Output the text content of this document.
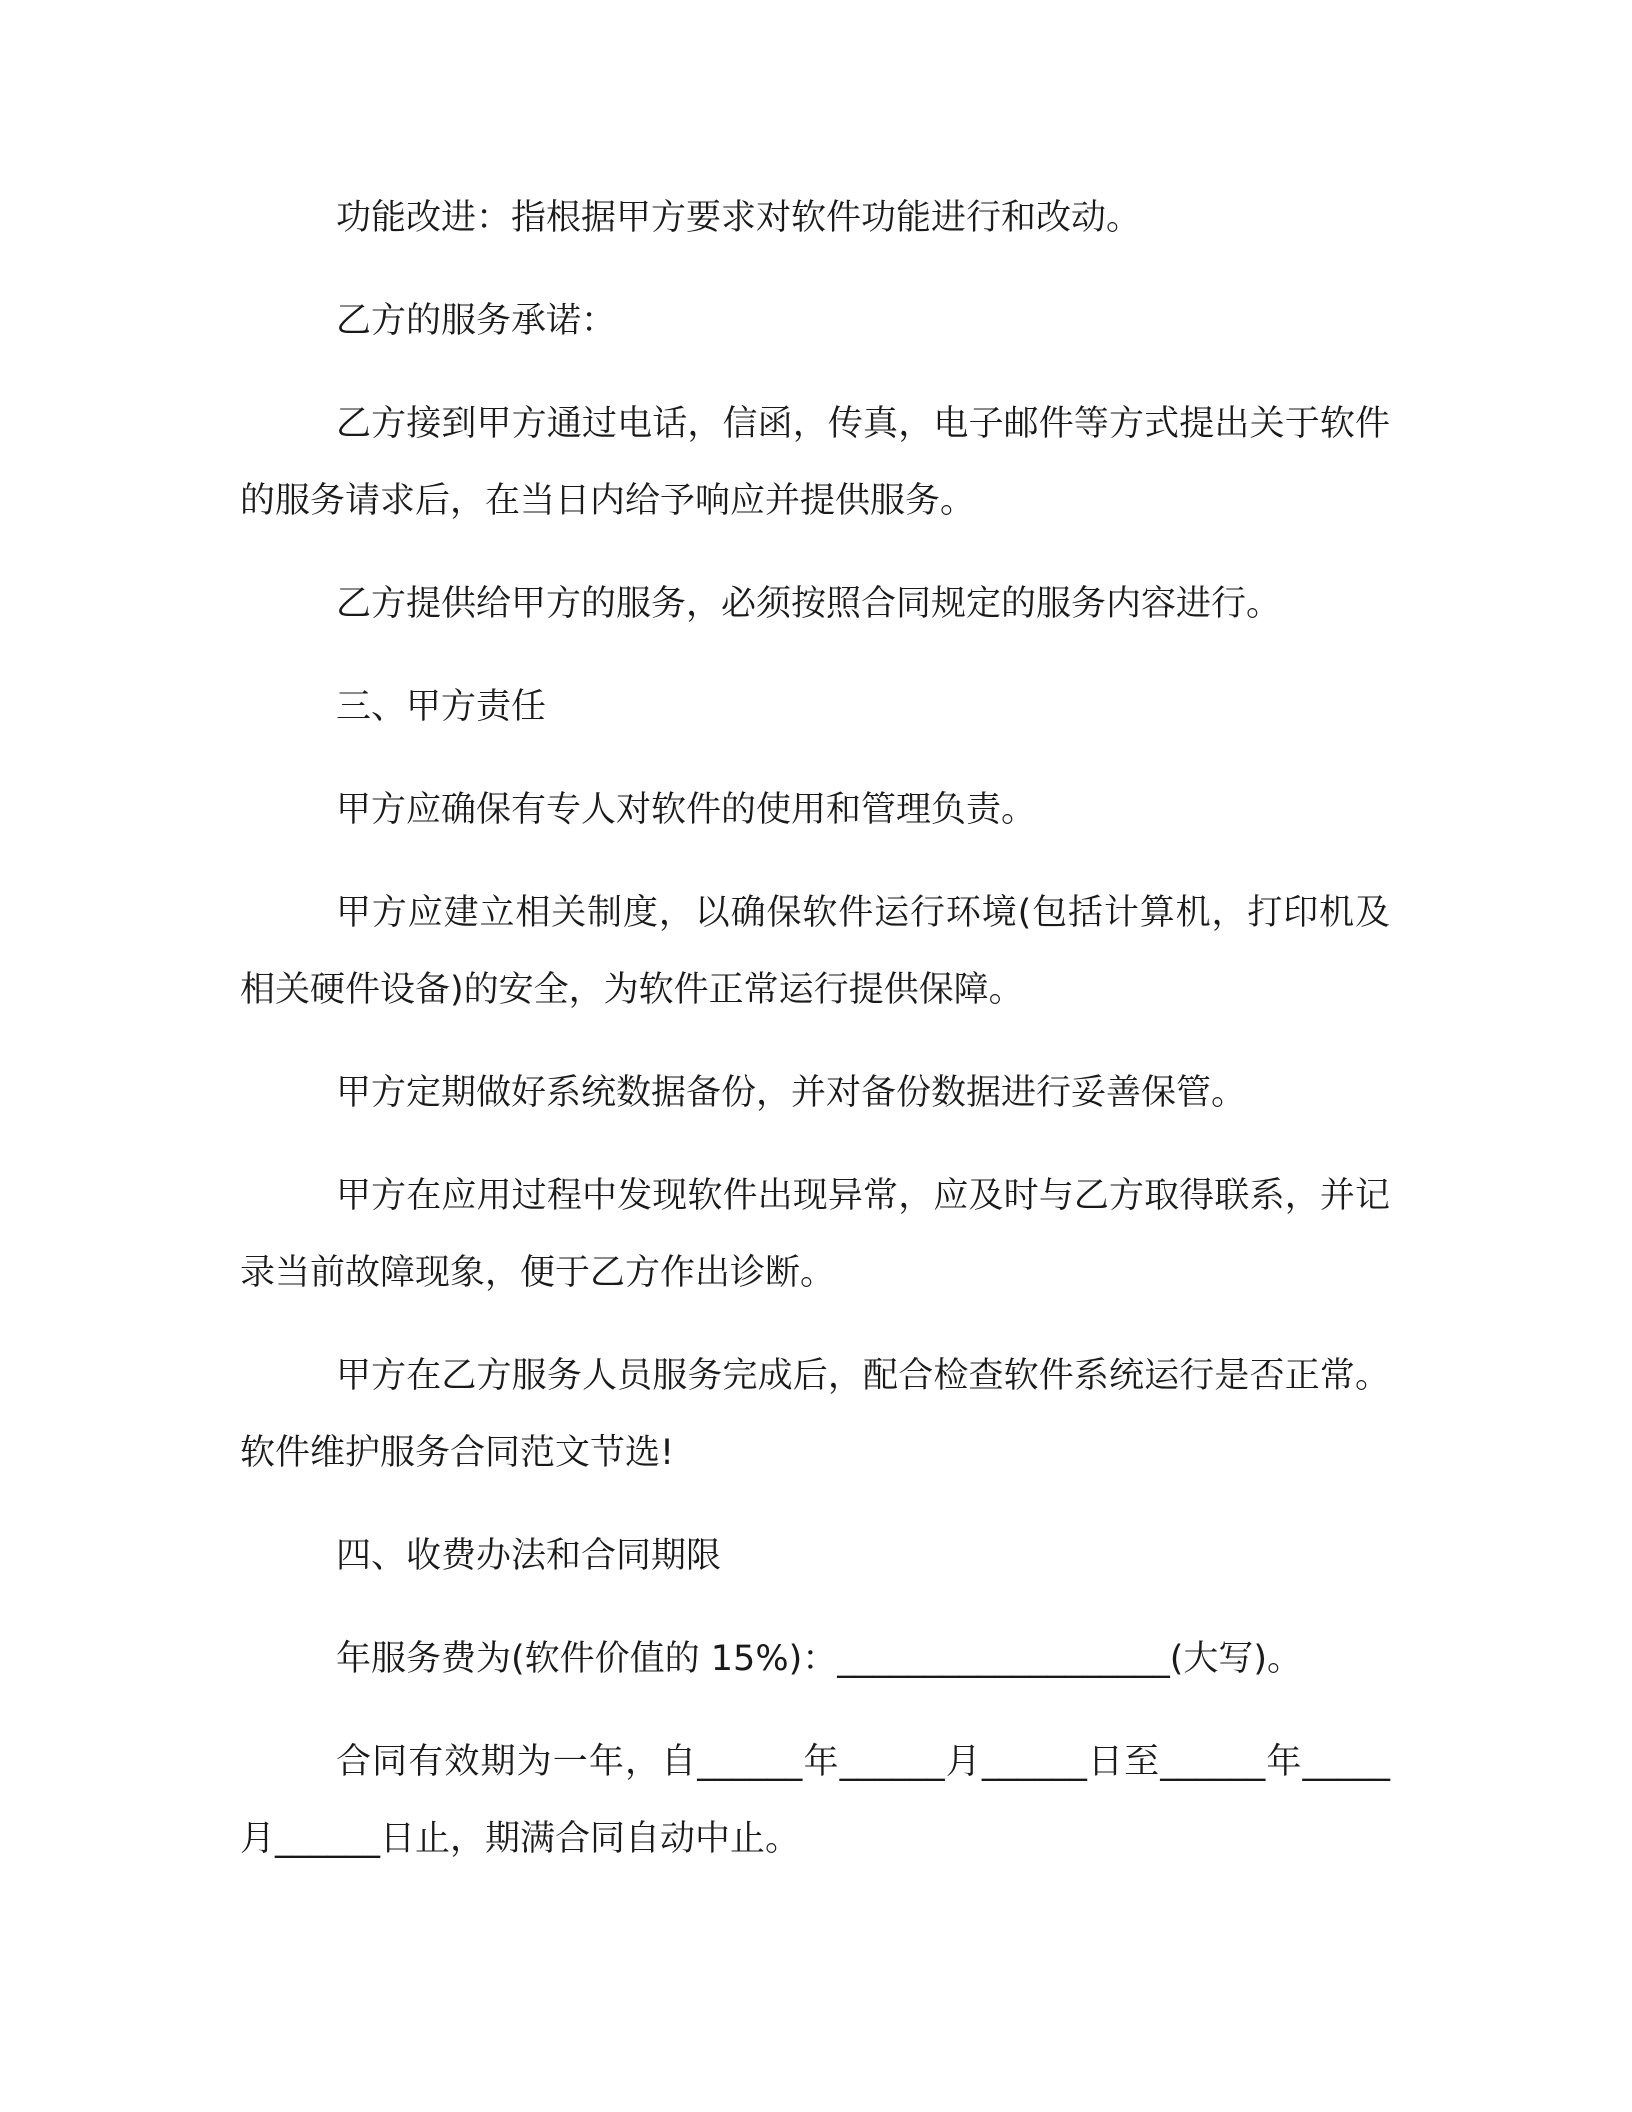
功能改进：指根据甲方要求对软件功能进行和改动。

乙方的服务承诺：

乙方接到甲方通过电话，信函，传真，电子邮件等方式提出关于软件的服务请求后，在当日内给予响应并提供服务。

乙方提供给甲方的服务，必须按照合同规定的服务内容进行。

三、甲方责任

甲方应确保有专人对软件的使用和管理负责。

甲方应建立相关制度，以确保软件运行环境(包括计算机，打印机及相关硬件设备)的安全，为软件正常运行提供保障。

甲方定期做好系统数据备份，并对备份数据进行妥善保管。

甲方在应用过程中发现软件出现异常，应及时与乙方取得联系，并记录当前故障现象，便于乙方作出诊断。

甲方在乙方服务人员服务完成后，配合检查软件系统运行是否正常。软件维护服务合同范文节选!

四、收费办法和合同期限

年服务费为(软件价值的 15%)：___________________(大写)。

合同有效期为一年，自______年______月______日至______年_____月______日止，期满合同自动中止。
